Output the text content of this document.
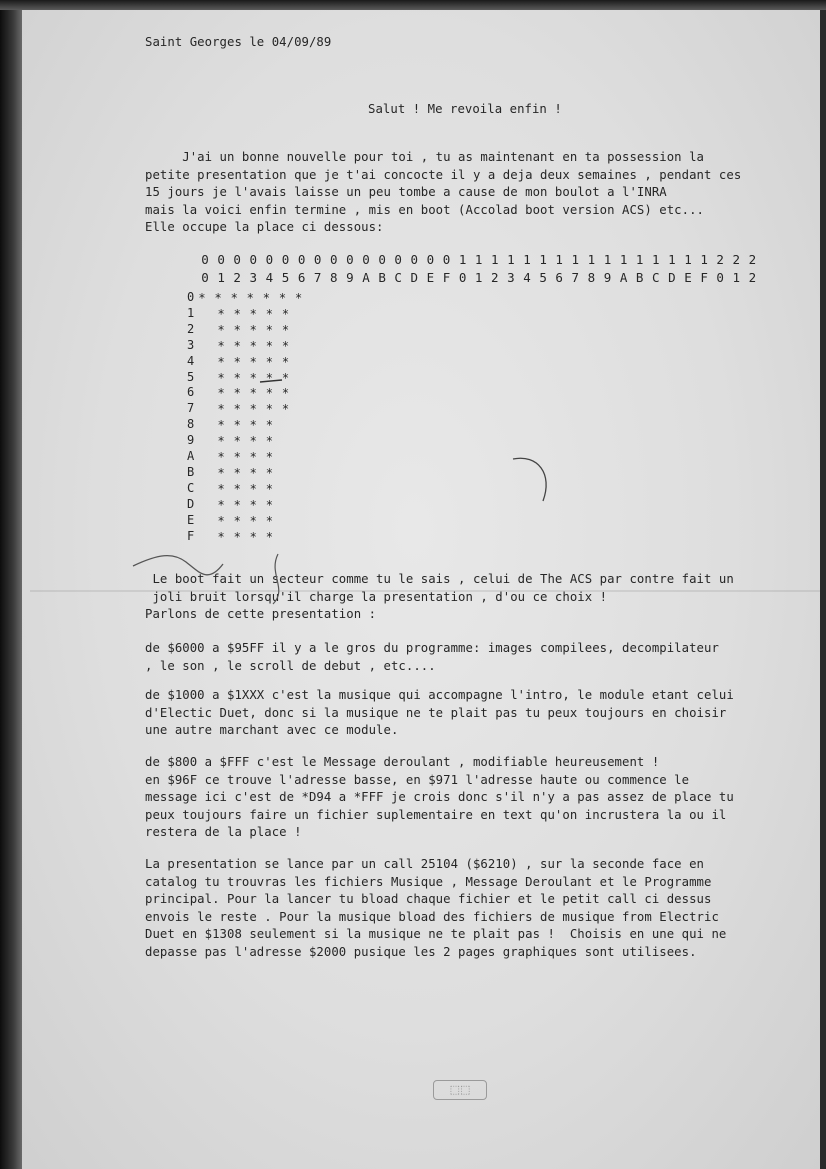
Saint Georges le 04/09/89

Salut ! Me revoila enfin !

J'ai un bonne nouvelle pour toi , tu as maintenant en ta possession la
petite presentation que je t'ai concocte il y a deja deux semaines , pendant ces
15 jours je l'avais laisse un peu tombe a cause de mon boulot a l'INRA
mais la voici enfin termine , mis en boot (Accolad boot version ACS) etc...
Elle occupe la place ci dessous:

0 0 0 0 0 0 0 0 0 0 0 0 0 0 0 0 1 1 1 1 1 1 1 1 1 1 1 1 1 1 1 1 2 2 2
0 1 2 3 4 5 6 7 8 9 A B C D E F 0 1 2 3 4 5 6 7 8 9 A B C D E F 0 1 2
0 * * * * * * *
1	* * * * *
2	* * * * *
3	* * * * *
4	* * * * *
5	* * * * *
6	* * * * *
7	* * * * *
8	* * * *
9	* * * *
A	* * * *
B	* * * *
C	* * * *
D	* * * *
E	* * * *
F	* * * *

Le boot fait un secteur comme tu le sais , celui de The ACS par contre fait un
joli bruit lorsqu'il charge la presentation , d'ou ce choix !
Parlons de cette presentation :

de $6000 a $95FF il y a le gros du programme: images compilees, decompilateur
, le son , le scroll de debut , etc....

de $1000 a $1XXX c'est la musique qui accompagne l'intro, le module etant celui
d'Electic Duet, donc si la musique ne te plait pas tu peux toujours en choisir
une autre marchant avec ce module.

de $800 a $FFF c'est le Message deroulant , modifiable heureusement !
en $96F ce trouve l'adresse basse, en $971 l'adresse haute ou commence le
message ici c'est de *D94 a *FFF je crois donc s'il n'y a pas assez de place tu
peux toujours faire un fichier suplementaire en text qu'on incrustera la ou il
restera de la place !

La presentation se lance par un call 25104 ($6210) , sur la seconde face en
catalog tu trouvras les fichiers Musique , Message Deroulant et le Programme
principal. Pour la lancer tu bload chaque fichier et le petit call ci dessus
envois le reste . Pour la musique bload des fichiers de musique from Electric
Duet en $1308 seulement si la musique ne te plait pas !  Choisis en une qui ne
depasse pas l'adresse $2000 pusique les 2 pages graphiques sont utilisees.

⬚⬚
